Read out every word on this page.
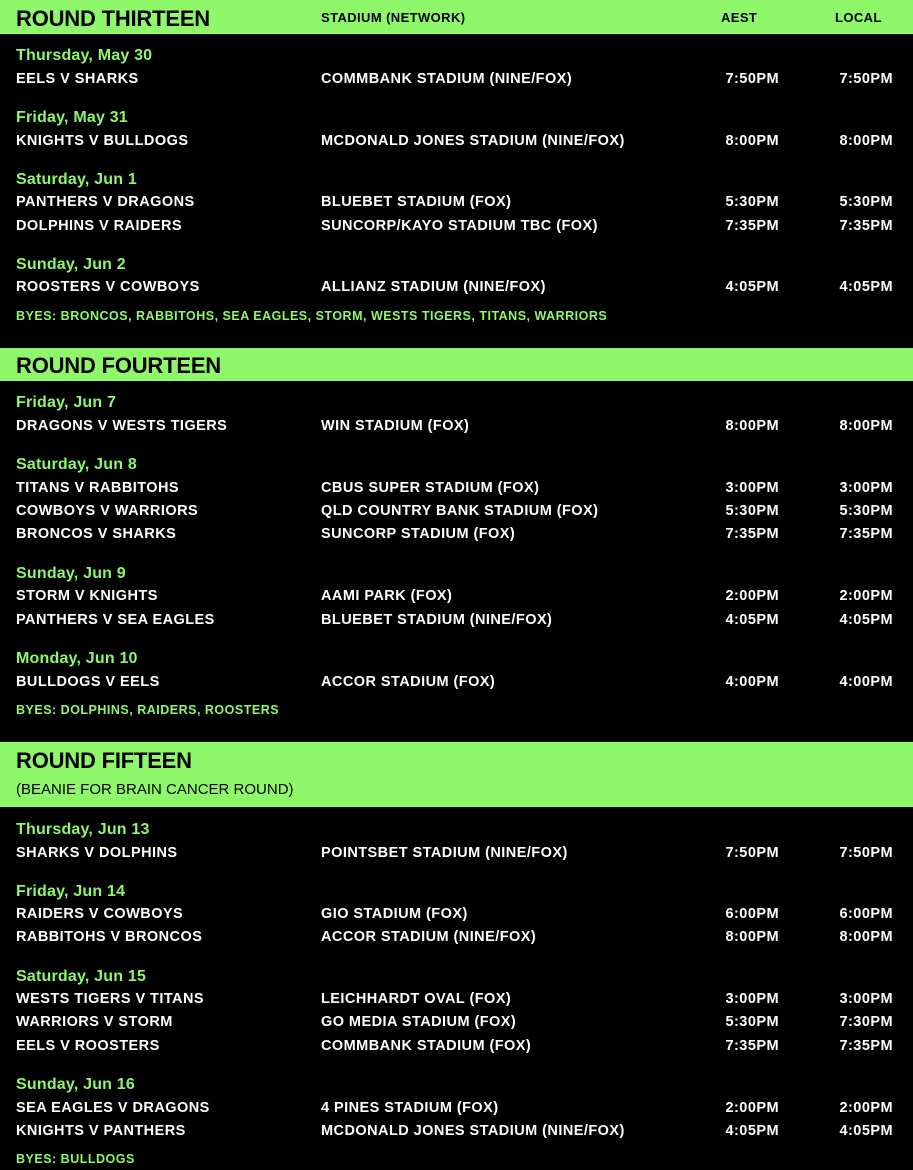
ROUND THIRTEEN	STADIUM (NETWORK)	AEST	LOCAL
Thursday, May 30
EELS V SHARKS	COMMBANK STADIUM (NINE/FOX)	7:50PM	7:50PM
Friday, May 31
KNIGHTS V BULLDOGS	MCDONALD JONES STADIUM (NINE/FOX)	8:00PM	8:00PM
Saturday, Jun 1
PANTHERS V DRAGONS	BLUEBET STADIUM (FOX)	5:30PM	5:30PM
DOLPHINS V RAIDERS	SUNCORP/KAYO STADIUM TBC (FOX)	7:35PM	7:35PM
Sunday, Jun 2
ROOSTERS V COWBOYS	ALLIANZ STADIUM (NINE/FOX)	4:05PM	4:05PM
BYES: BRONCOS, RABBITOHS, SEA EAGLES, STORM, WESTS TIGERS, TITANS, WARRIORS
ROUND FOURTEEN
Friday, Jun 7
DRAGONS V WESTS TIGERS	WIN STADIUM (FOX)	8:00PM	8:00PM
Saturday, Jun 8
TITANS V RABBITOHS	CBUS SUPER STADIUM (FOX)	3:00PM	3:00PM
COWBOYS V WARRIORS	QLD COUNTRY BANK STADIUM (FOX)	5:30PM	5:30PM
BRONCOS V SHARKS	SUNCORP STADIUM (FOX)	7:35PM	7:35PM
Sunday, Jun 9
STORM V KNIGHTS	AAMI PARK (FOX)	2:00PM	2:00PM
PANTHERS V SEA EAGLES	BLUEBET STADIUM (NINE/FOX)	4:05PM	4:05PM
Monday, Jun 10
BULLDOGS V EELS	ACCOR STADIUM (FOX)	4:00PM	4:00PM
BYES: DOLPHINS, RAIDERS, ROOSTERS
ROUND FIFTEEN
(BEANIE FOR BRAIN CANCER ROUND)
Thursday, Jun 13
SHARKS V DOLPHINS	POINTSBET STADIUM (NINE/FOX)	7:50PM	7:50PM
Friday, Jun 14
RAIDERS V COWBOYS	GIO STADIUM (FOX)	6:00PM	6:00PM
RABBITOHS V BRONCOS	ACCOR STADIUM (NINE/FOX)	8:00PM	8:00PM
Saturday, Jun 15
WESTS TIGERS V TITANS	LEICHHARDT OVAL (FOX)	3:00PM	3:00PM
WARRIORS V STORM	GO MEDIA STADIUM (FOX)	5:30PM	7:30PM
EELS V ROOSTERS	COMMBANK STADIUM (FOX)	7:35PM	7:35PM
Sunday, Jun 16
SEA EAGLES V DRAGONS	4 PINES STADIUM (FOX)	2:00PM	2:00PM
KNIGHTS V PANTHERS	MCDONALD JONES STADIUM (NINE/FOX)	4:05PM	4:05PM
BYES: BULLDOGS
